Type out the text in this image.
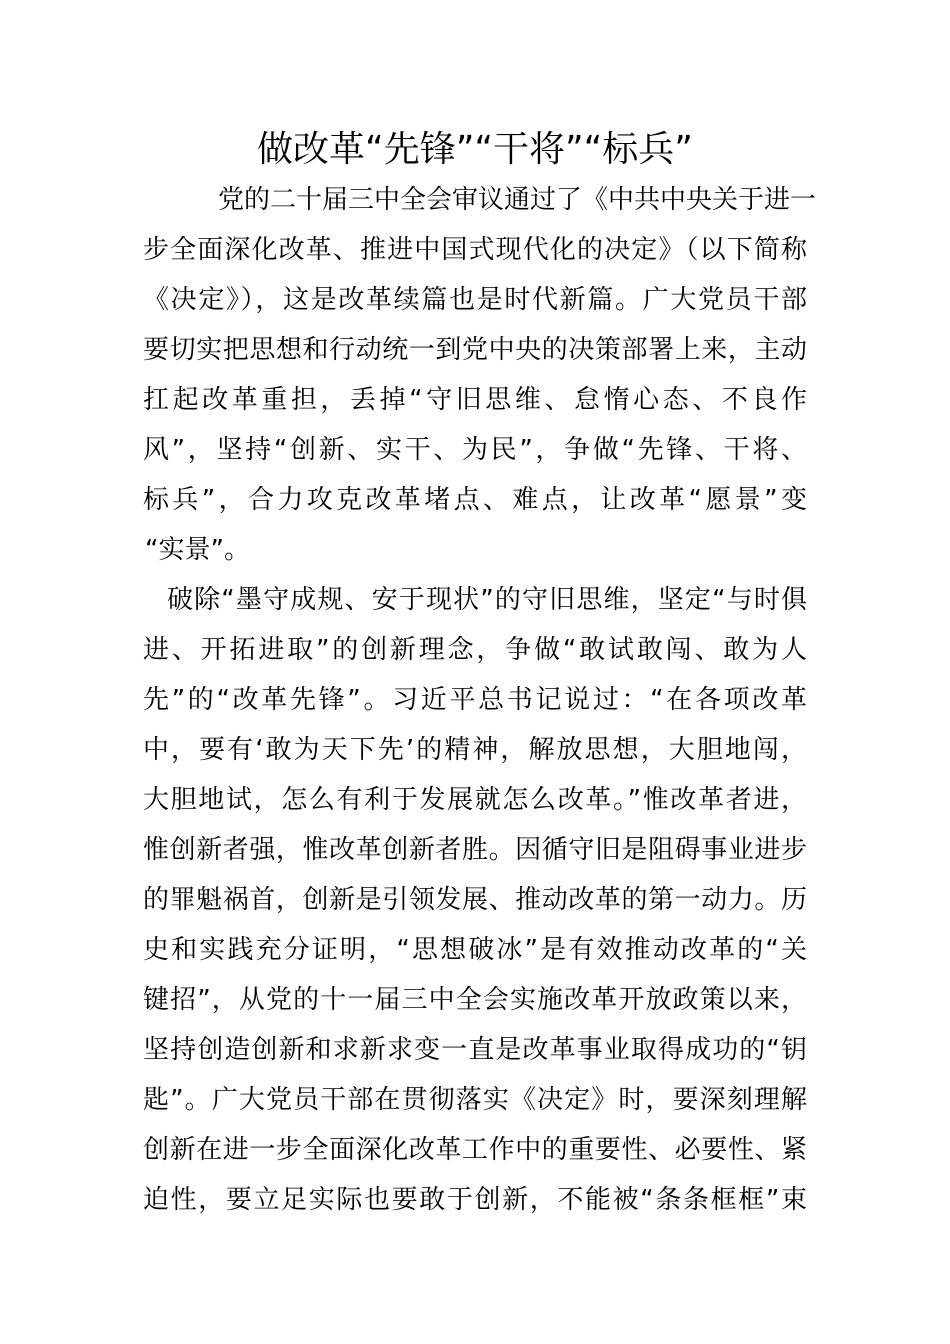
做改革“先锋”“干将”“标兵”
党的二十届三中全会审议通过了《中共中央关于进一
步全面深化改革、推进中国式现代化的决定》（以下简称
《决定》），这是改革续篇也是时代新篇。广大党员干部
要切实把思想和行动统一到党中央的决策部署上来，主动
扛起改革重担，丢掉“守旧思维、怠惰心态、不良作
风”，坚持“创新、实干、为民”，争做“先锋、干将、
标兵”，合力攻克改革堵点、难点，让改革“愿景”变
“实景”。
破除“墨守成规、安于现状”的守旧思维，坚定“与时俱
进、开拓进取”的创新理念，争做“敢试敢闯、敢为人
先”的“改革先锋”。习近平总书记说过：“在各项改革
中，要有‘敢为天下先’的精神，解放思想，大胆地闯，
大胆地试，怎么有利于发展就怎么改革。”惟改革者进，
惟创新者强，惟改革创新者胜。因循守旧是阻碍事业进步
的罪魁祸首，创新是引领发展、推动改革的第一动力。历
史和实践充分证明，“思想破冰”是有效推动改革的“关
键招”，从党的十一届三中全会实施改革开放政策以来，
坚持创造创新和求新求变一直是改革事业取得成功的“钥
匙”。广大党员干部在贯彻落实《决定》时，要深刻理解
创新在进一步全面深化改革工作中的重要性、必要性、紧
迫性，要立足实际也要敢于创新，不能被“条条框框”束
